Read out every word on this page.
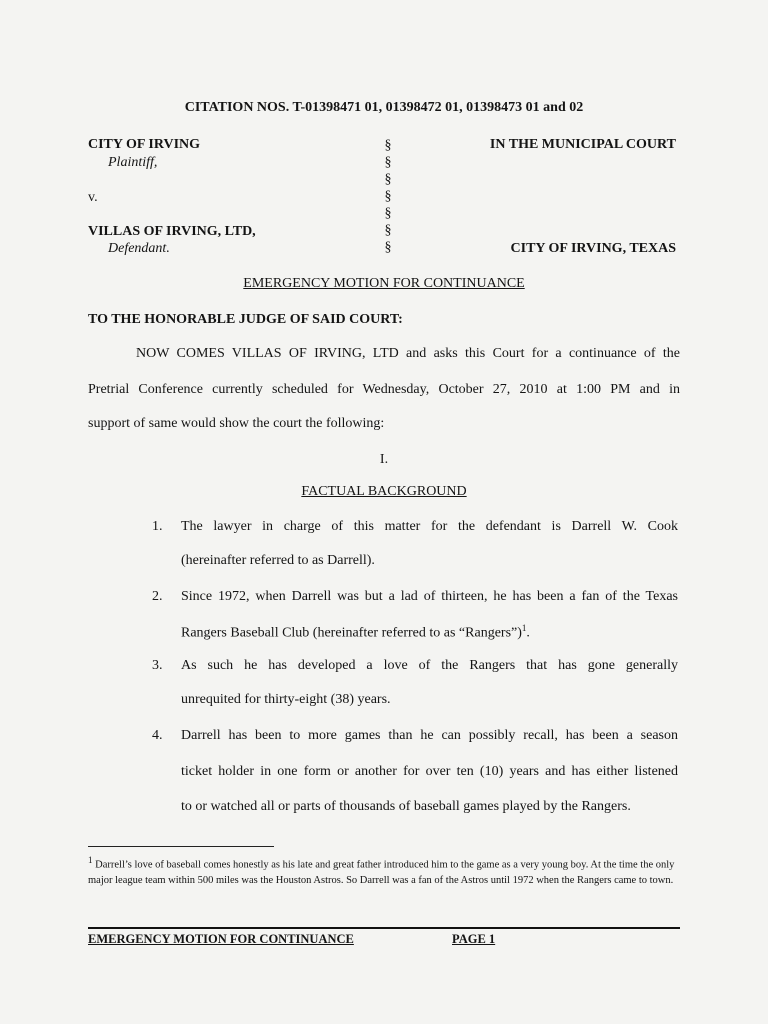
CITATION NOS. T-01398471 01, 01398472 01, 01398473 01 and 02
CITY OF IRVING
Plaintiff,
v.
VILLAS OF IRVING, LTD,
Defendant.
§
§
§
§
§
§
§
IN THE MUNICIPAL COURT
CITY OF IRVING, TEXAS
EMERGENCY MOTION FOR CONTINUANCE
TO THE HONORABLE JUDGE OF SAID COURT:
NOW COMES VILLAS OF IRVING, LTD and asks this Court for a continuance of the
Pretrial Conference currently scheduled for Wednesday, October 27, 2010 at 1:00 PM and in
support of same would show the court the following:
I.
FACTUAL BACKGROUND
1. The lawyer in charge of this matter for the defendant is Darrell W. Cook
(hereinafter referred to as Darrell).
2. Since 1972, when Darrell was but a lad of thirteen, he has been a fan of the Texas
Rangers Baseball Club (hereinafter referred to as “Rangers”)$^1$.
3. As such he has developed a love of the Rangers that has gone generally
unrequited for thirty-eight (38) years.
4. Darrell has been to more games than he can possibly recall, has been a season
ticket holder in one form or another for over ten (10) years and has either listened
to or watched all or parts of thousands of baseball games played by the Rangers.
$^1$ Darrell’s love of baseball comes honestly as his late and great father introduced him to the game as a very young boy. At the time the only major league team within 500 miles was the Houston Astros. So Darrell was a fan of the Astros until 1972 when the Rangers came to town.
EMERGENCY MOTION FOR CONTINUANCE	PAGE 1
